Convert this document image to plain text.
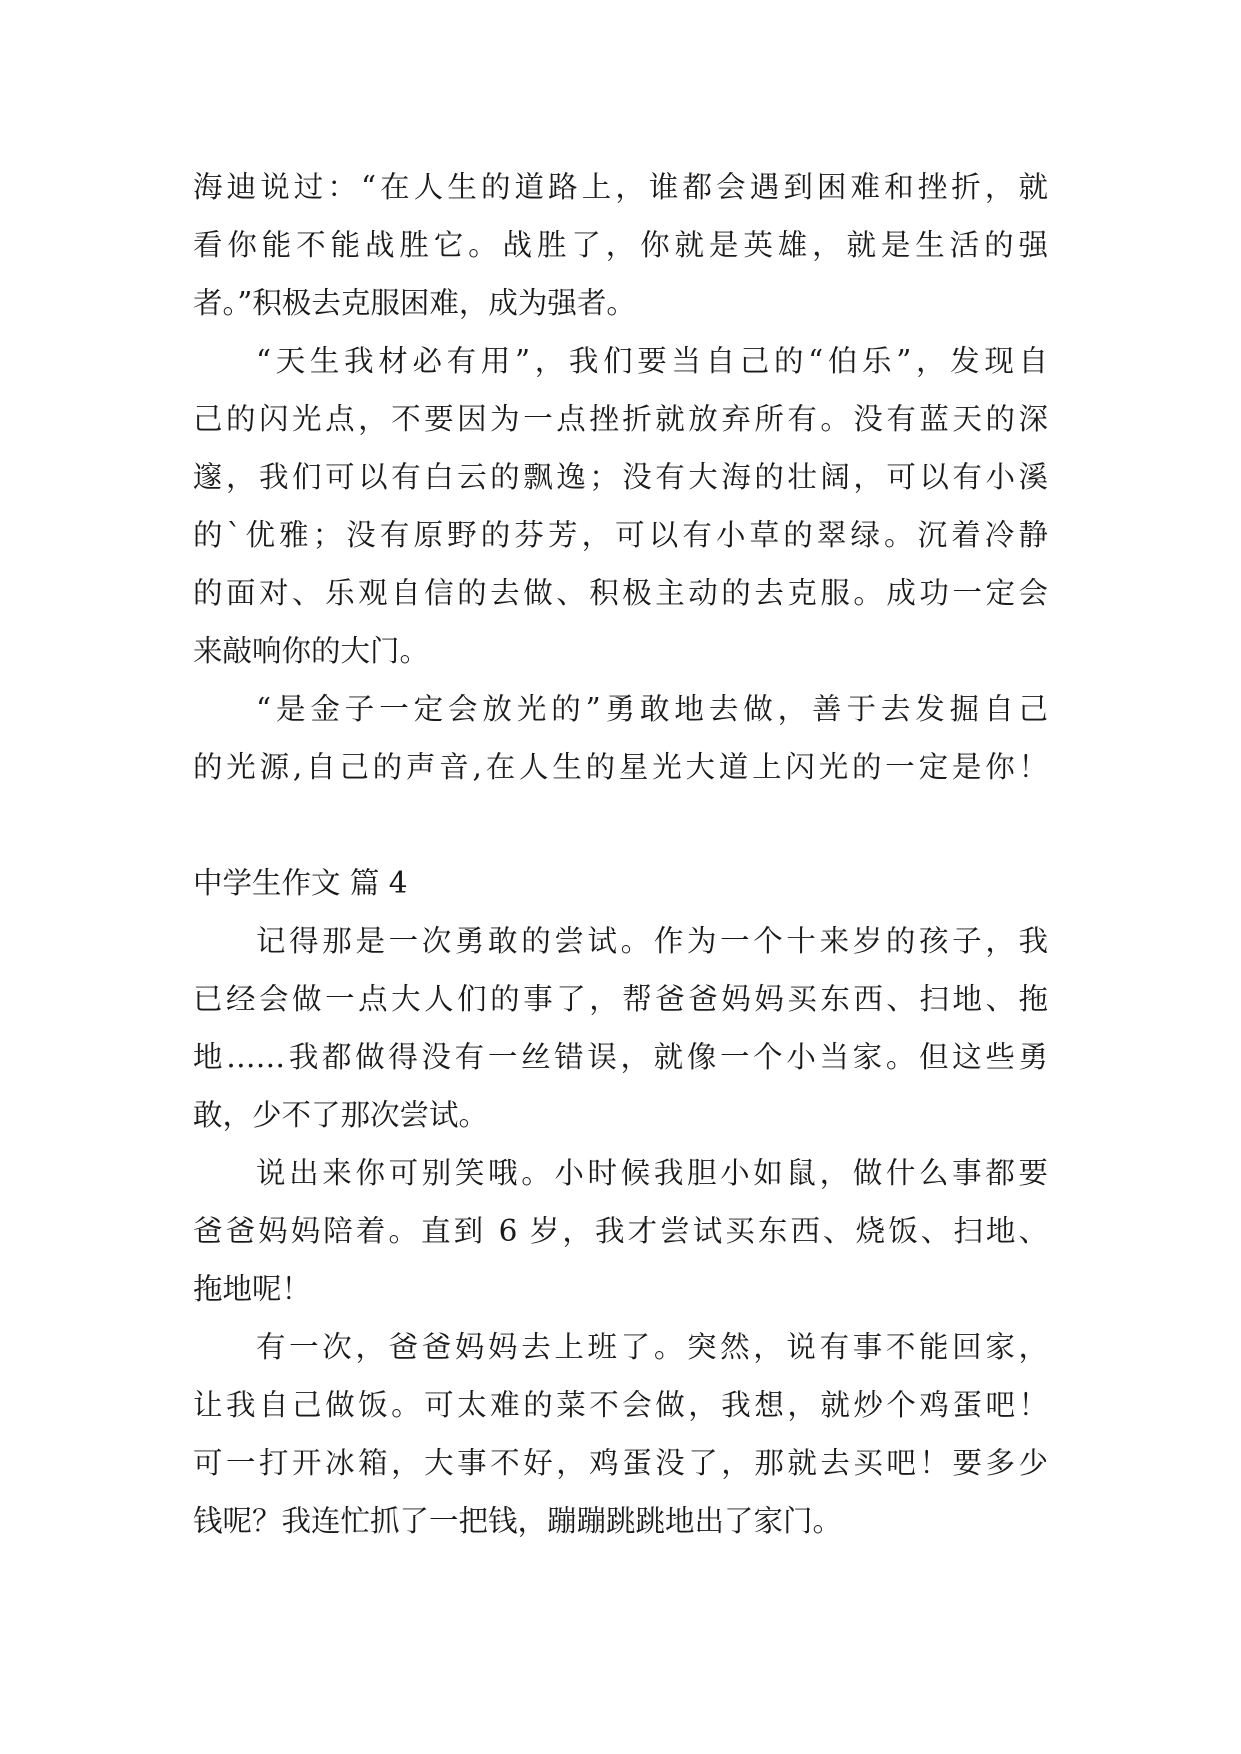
海迪说过：“在人生的道路上，谁都会遇到困难和挫折，就
看你能不能战胜它。战胜了，你就是英雄，就是生活的强
者。”积极去克服困难，成为强者。
“天生我材必有用”，我们要当自己的“伯乐”，发现自
己的闪光点，不要因为一点挫折就放弃所有。没有蓝天的深
邃，我们可以有白云的飘逸；没有大海的壮阔，可以有小溪
的`优雅；没有原野的芬芳，可以有小草的翠绿。沉着冷静
的面对、乐观自信的去做、积极主动的去克服。成功一定会
来敲响你的大门。
“是金子一定会放光的”勇敢地去做，善于去发掘自己
的光源,自己的声音,在人生的星光大道上闪光的一定是你！
中学生作文 篇 4
记得那是一次勇敢的尝试。作为一个十来岁的孩子，我
已经会做一点大人们的事了，帮爸爸妈妈买东西、扫地、拖
地……我都做得没有一丝错误，就像一个小当家。但这些勇
敢，少不了那次尝试。
说出来你可别笑哦。小时候我胆小如鼠，做什么事都要
爸爸妈妈陪着。直到 6 岁，我才尝试买东西、烧饭、扫地、
拖地呢！
有一次，爸爸妈妈去上班了。突然，说有事不能回家，
让我自己做饭。可太难的菜不会做，我想，就炒个鸡蛋吧！
可一打开冰箱，大事不好，鸡蛋没了，那就去买吧！要多少
钱呢？我连忙抓了一把钱，蹦蹦跳跳地出了家门。
